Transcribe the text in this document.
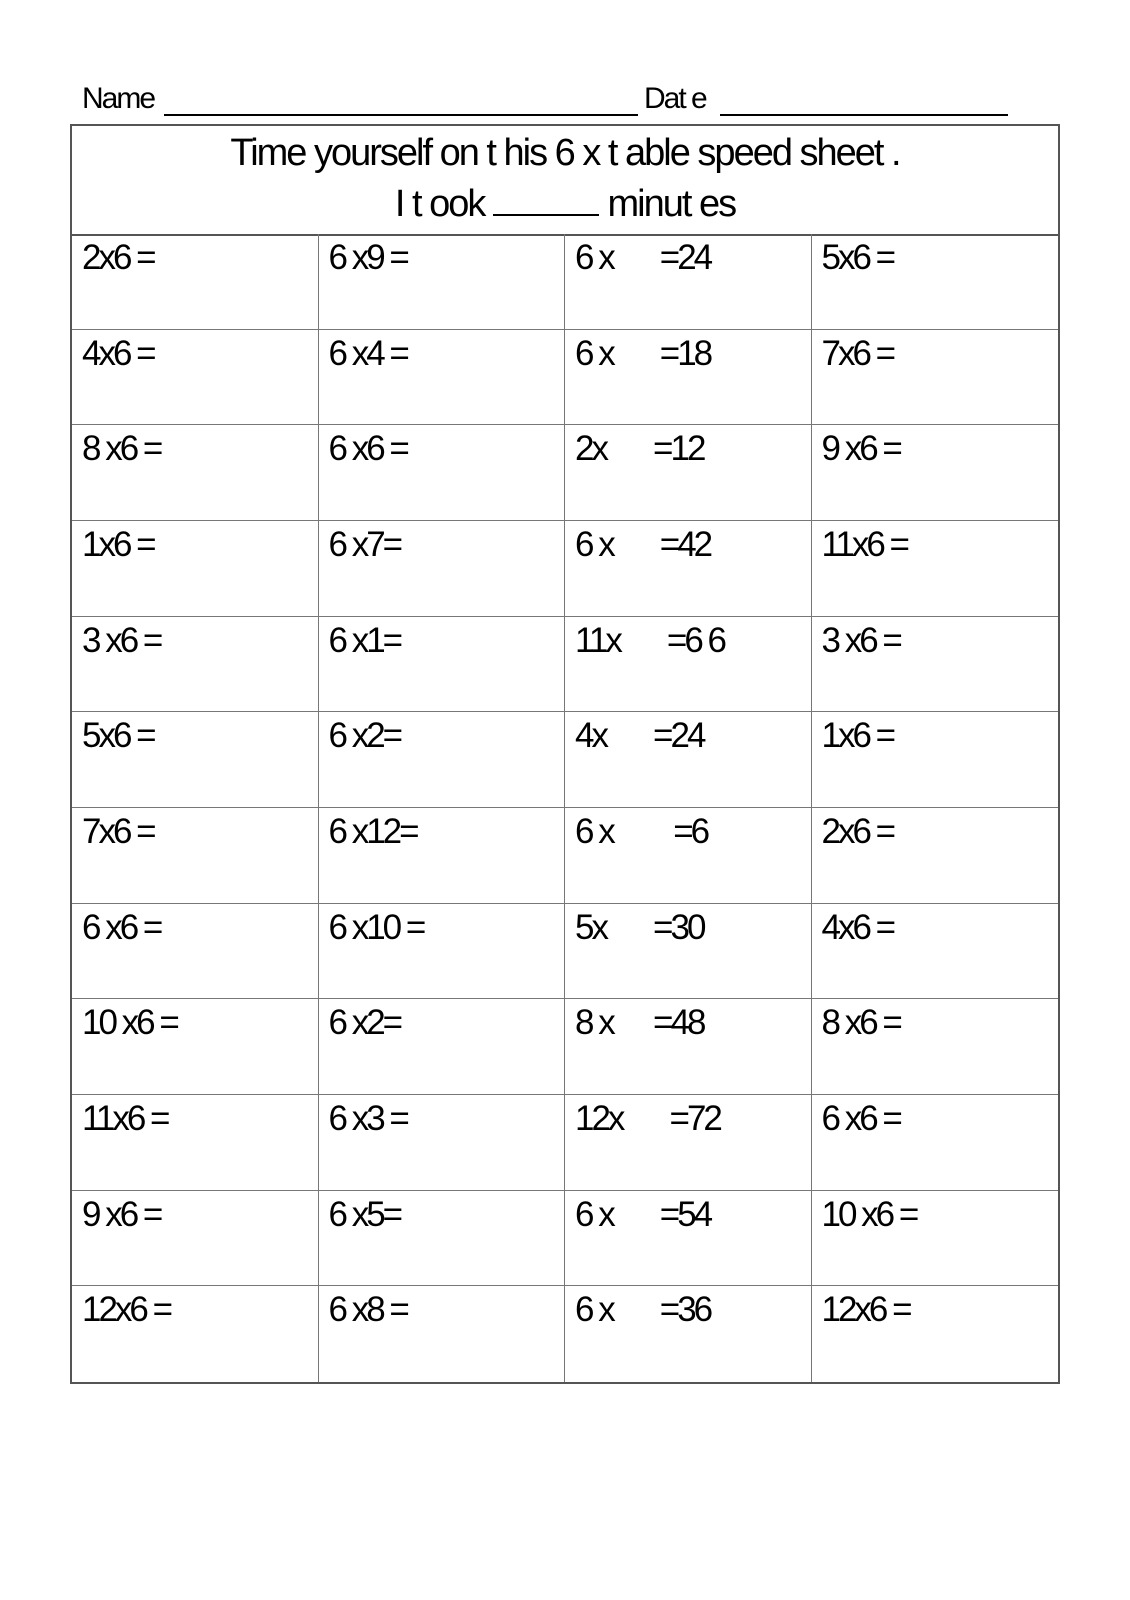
Name	Dat e
Time yourself on t his 6 x t able speed sheet .
I t ook	minut es
2x6 =	6 x9 =	6 x       =24	5x6 =
4x6 =	6 x4 =	6 x       =18	7x6 =
8 x6 =	6 x6 =	2x       =12	9 x6 =
1x6 =	6 x7=	6 x       =42	11x6 =
3 x6 =	6 x1=	11x       =6 6	3 x6 =
5x6 =	6 x2=	4x       =24	1x6 =
7x6 =	6 x12=	6 x         =6	2x6 =
6 x6 =	6 x10 =	5x       =30	4x6 =
10 x6 =	6 x2=	8 x      =48	8 x6 =
11x6 =	6 x3 =	12x       =72	6 x6 =
9 x6 =	6 x5=	6 x       =54	10 x6 =
12x6 =	6 x8 =	6 x       =36	12x6 =
